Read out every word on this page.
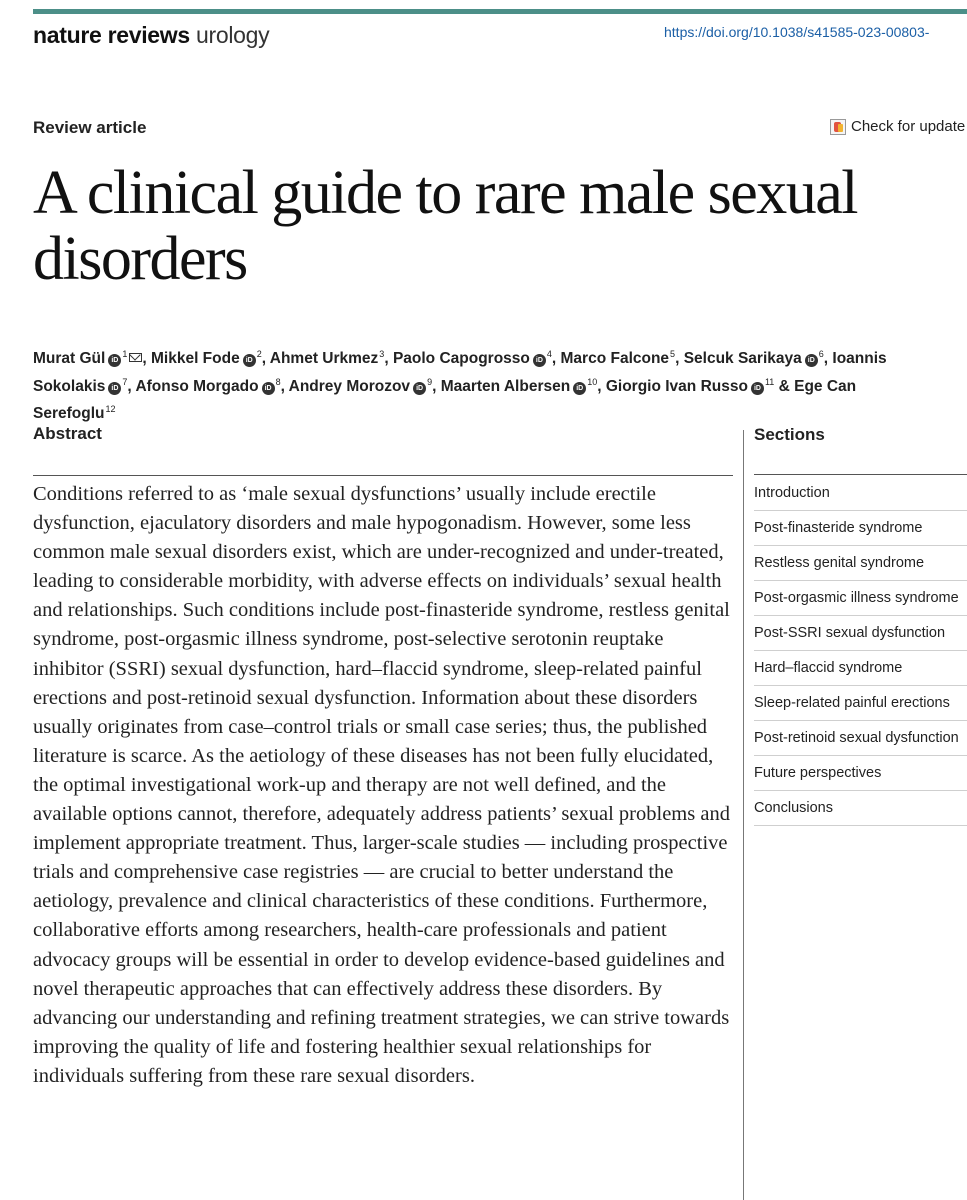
nature reviews urology	https://doi.org/10.1038/s41585-023-00803-
Review article	Check for update
A clinical guide to rare male sexual disorders
Murat Gül $iD^1$ , Mikkel Fode $iD^2$, Ahmet Urkmez$^3$, Paolo Capogrosso $iD^4$, Marco Falcone$^5$, Selcuk Sarikaya $iD^6$, Ioannis Sokolakis $iD^7$, Afonso Morgado $iD^8$, Andrey Morozov $iD^9$, Maarten Albersen $iD^{10}$, Giorgio Ivan Russo $iD^{11}$ & Ege Can Serefoglu$^{12}$
Abstract

Conditions referred to as ‘male sexual dysfunctions’ usually include erectile dysfunction, ejaculatory disorders and male hypogonadism. However, some less common male sexual disorders exist, which are under-recognized and under-treated, leading to considerable morbidity, with adverse effects on individuals’ sexual health and relationships. Such conditions include post-finasteride syndrome, restless genital syndrome, post-orgasmic illness syndrome, post-selective serotonin reuptake inhibitor (SSRI) sexual dysfunction, hard–flaccid syndrome, sleep-related painful erections and post-retinoid sexual dysfunction. Information about these disorders usually originates from case–control trials or small case series; thus, the published literature is scarce. As the aetiology of these diseases has not been fully elucidated, the optimal investigational work-up and therapy are not well defined, and the available options cannot, therefore, adequately address patients’ sexual problems and implement appropriate treatment. Thus, larger-scale studies — including prospective trials and comprehensive case registries — are crucial to better understand the aetiology, prevalence and clinical characteristics of these conditions. Furthermore, collaborative efforts among researchers, health-care professionals and patient advocacy groups will be essential in order to develop evidence-based guidelines and novel therapeutic approaches that can effectively address these disorders. By advancing our understanding and refining treatment strategies, we can strive towards improving the quality of life and fostering healthier sexual relationships for individuals suffering from these rare sexual disorders.

Sections
Introduction
Post-finasteride syndrome
Restless genital syndrome
Post-orgasmic illness syndrome
Post-SSRI sexual dysfunction
Hard–flaccid syndrome
Sleep-related painful erections
Post-retinoid sexual dysfunction
Future perspectives
Conclusions
